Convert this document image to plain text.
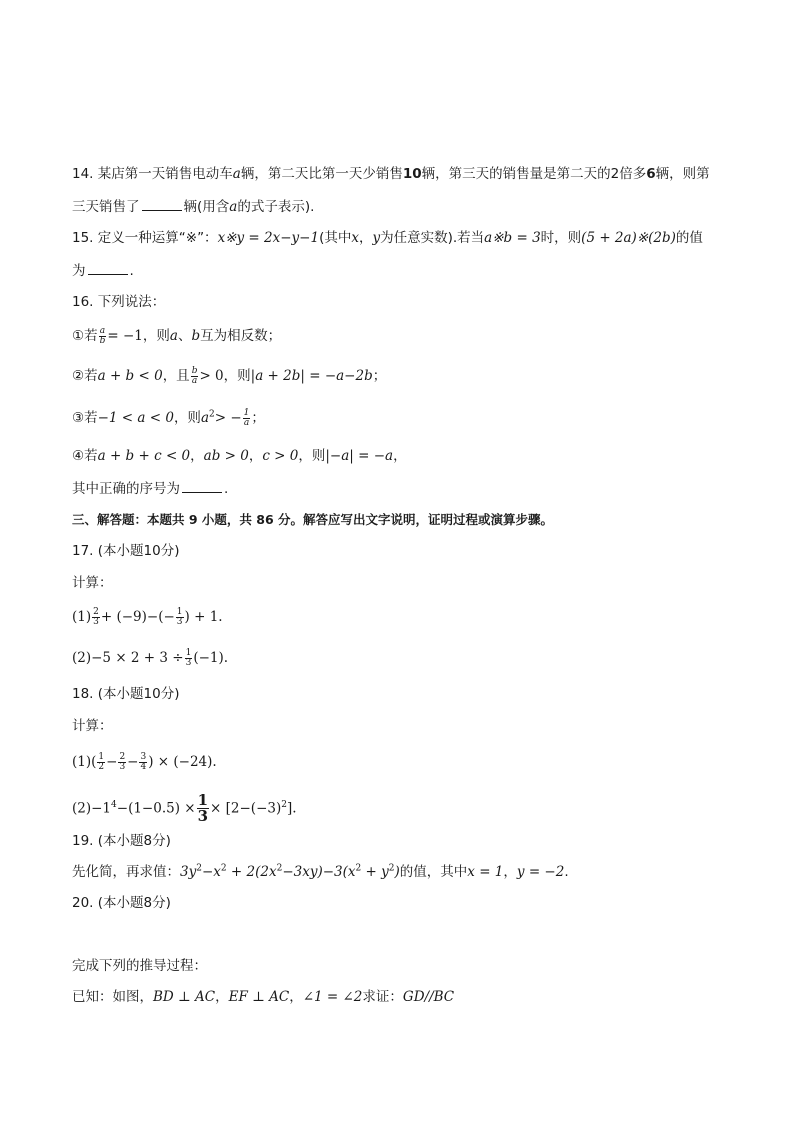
14. 某店第一天销售电动车a辆，第二天比第一天少销售10辆，第三天的销售量是第二天的2倍多6辆，则第
三天销售了	辆(用含a的式子表示).
15. 定义一种运算“※”：x※y = 2x−y−1(其中x，y为任意实数).若当a※b = 3时，则(5 + 2a)※(2b)的值
为	.
16. 下列说法：
①若 $\frac{a}{b} = -1$，则a、b互为相反数；
②若a + b < 0，且 $\frac{b}{a} > 0$，则|a + 2b| = −a−2b；
③若−1 < a < 0，则$a^2> - \frac{1}{a}$ ；
④若a + b + c < 0，ab > 0，c > 0，则|−a| = −a，
其中正确的序号为	.
三、解答题：本题共 9 小题，共 86 分。解答应写出文字说明，证明过程或演算步骤。
17. (本小题10分)
计算：
$(1) \frac{2}{3} + (-9)-(- \frac{1}{3}$ ) + 1.
$(2)-5 \times 2 + 3 \div \frac{1}{3} (-1)$.
18. (本小题10分)
计算：
$(1)( \frac{1}{2} - \frac{2}{3} - \frac{3}{4}$ ) × (−24).
$(2)-1^4-(1-0.5) \times \frac{1}{3} \times [2-(-3)^2]$.
19. (本小题8分)
先化简，再求值：$3y^2-x^2 + 2(2x^2-3xy)-3(x^2 + y^2)$的值，其中x = 1，y = −2.
20. (本小题8分)
完成下列的推导过程：
已知：如图，BD ⊥ AC，EF ⊥ AC，∠1 = ∠2求证：GD//BC
